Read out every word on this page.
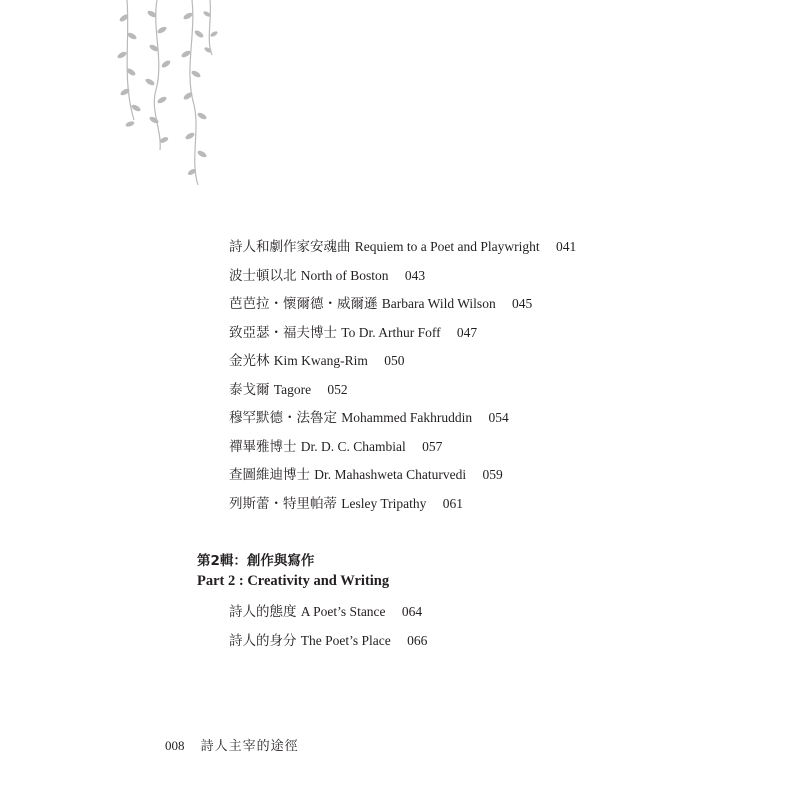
詩人和劇作家安魂曲 Requiem to a Poet and Playwright 041
波士頓以北 North of Boston 043
芭芭拉・懷爾德・威爾遜 Barbara Wild Wilson 045
致亞瑟・福夫博士 To Dr. Arthur Foff 047
金光林 Kim Kwang-Rim 050
泰戈爾 Tagore 052
穆罕默德・法魯定 Mohammed Fakhruddin 054
禪畢雅博士 Dr. D. C. Chambial 057
查圖維迪博士 Dr. Mahashweta Chaturvedi 059
列斯蕾・特里帕蒂 Lesley Tripathy 061
第2輯：創作與寫作
Part 2 : Creativity and Writing
詩人的態度 A Poet’s Stance 064
詩人的身分 The Poet’s Place 066
008 詩人主宰的途徑
